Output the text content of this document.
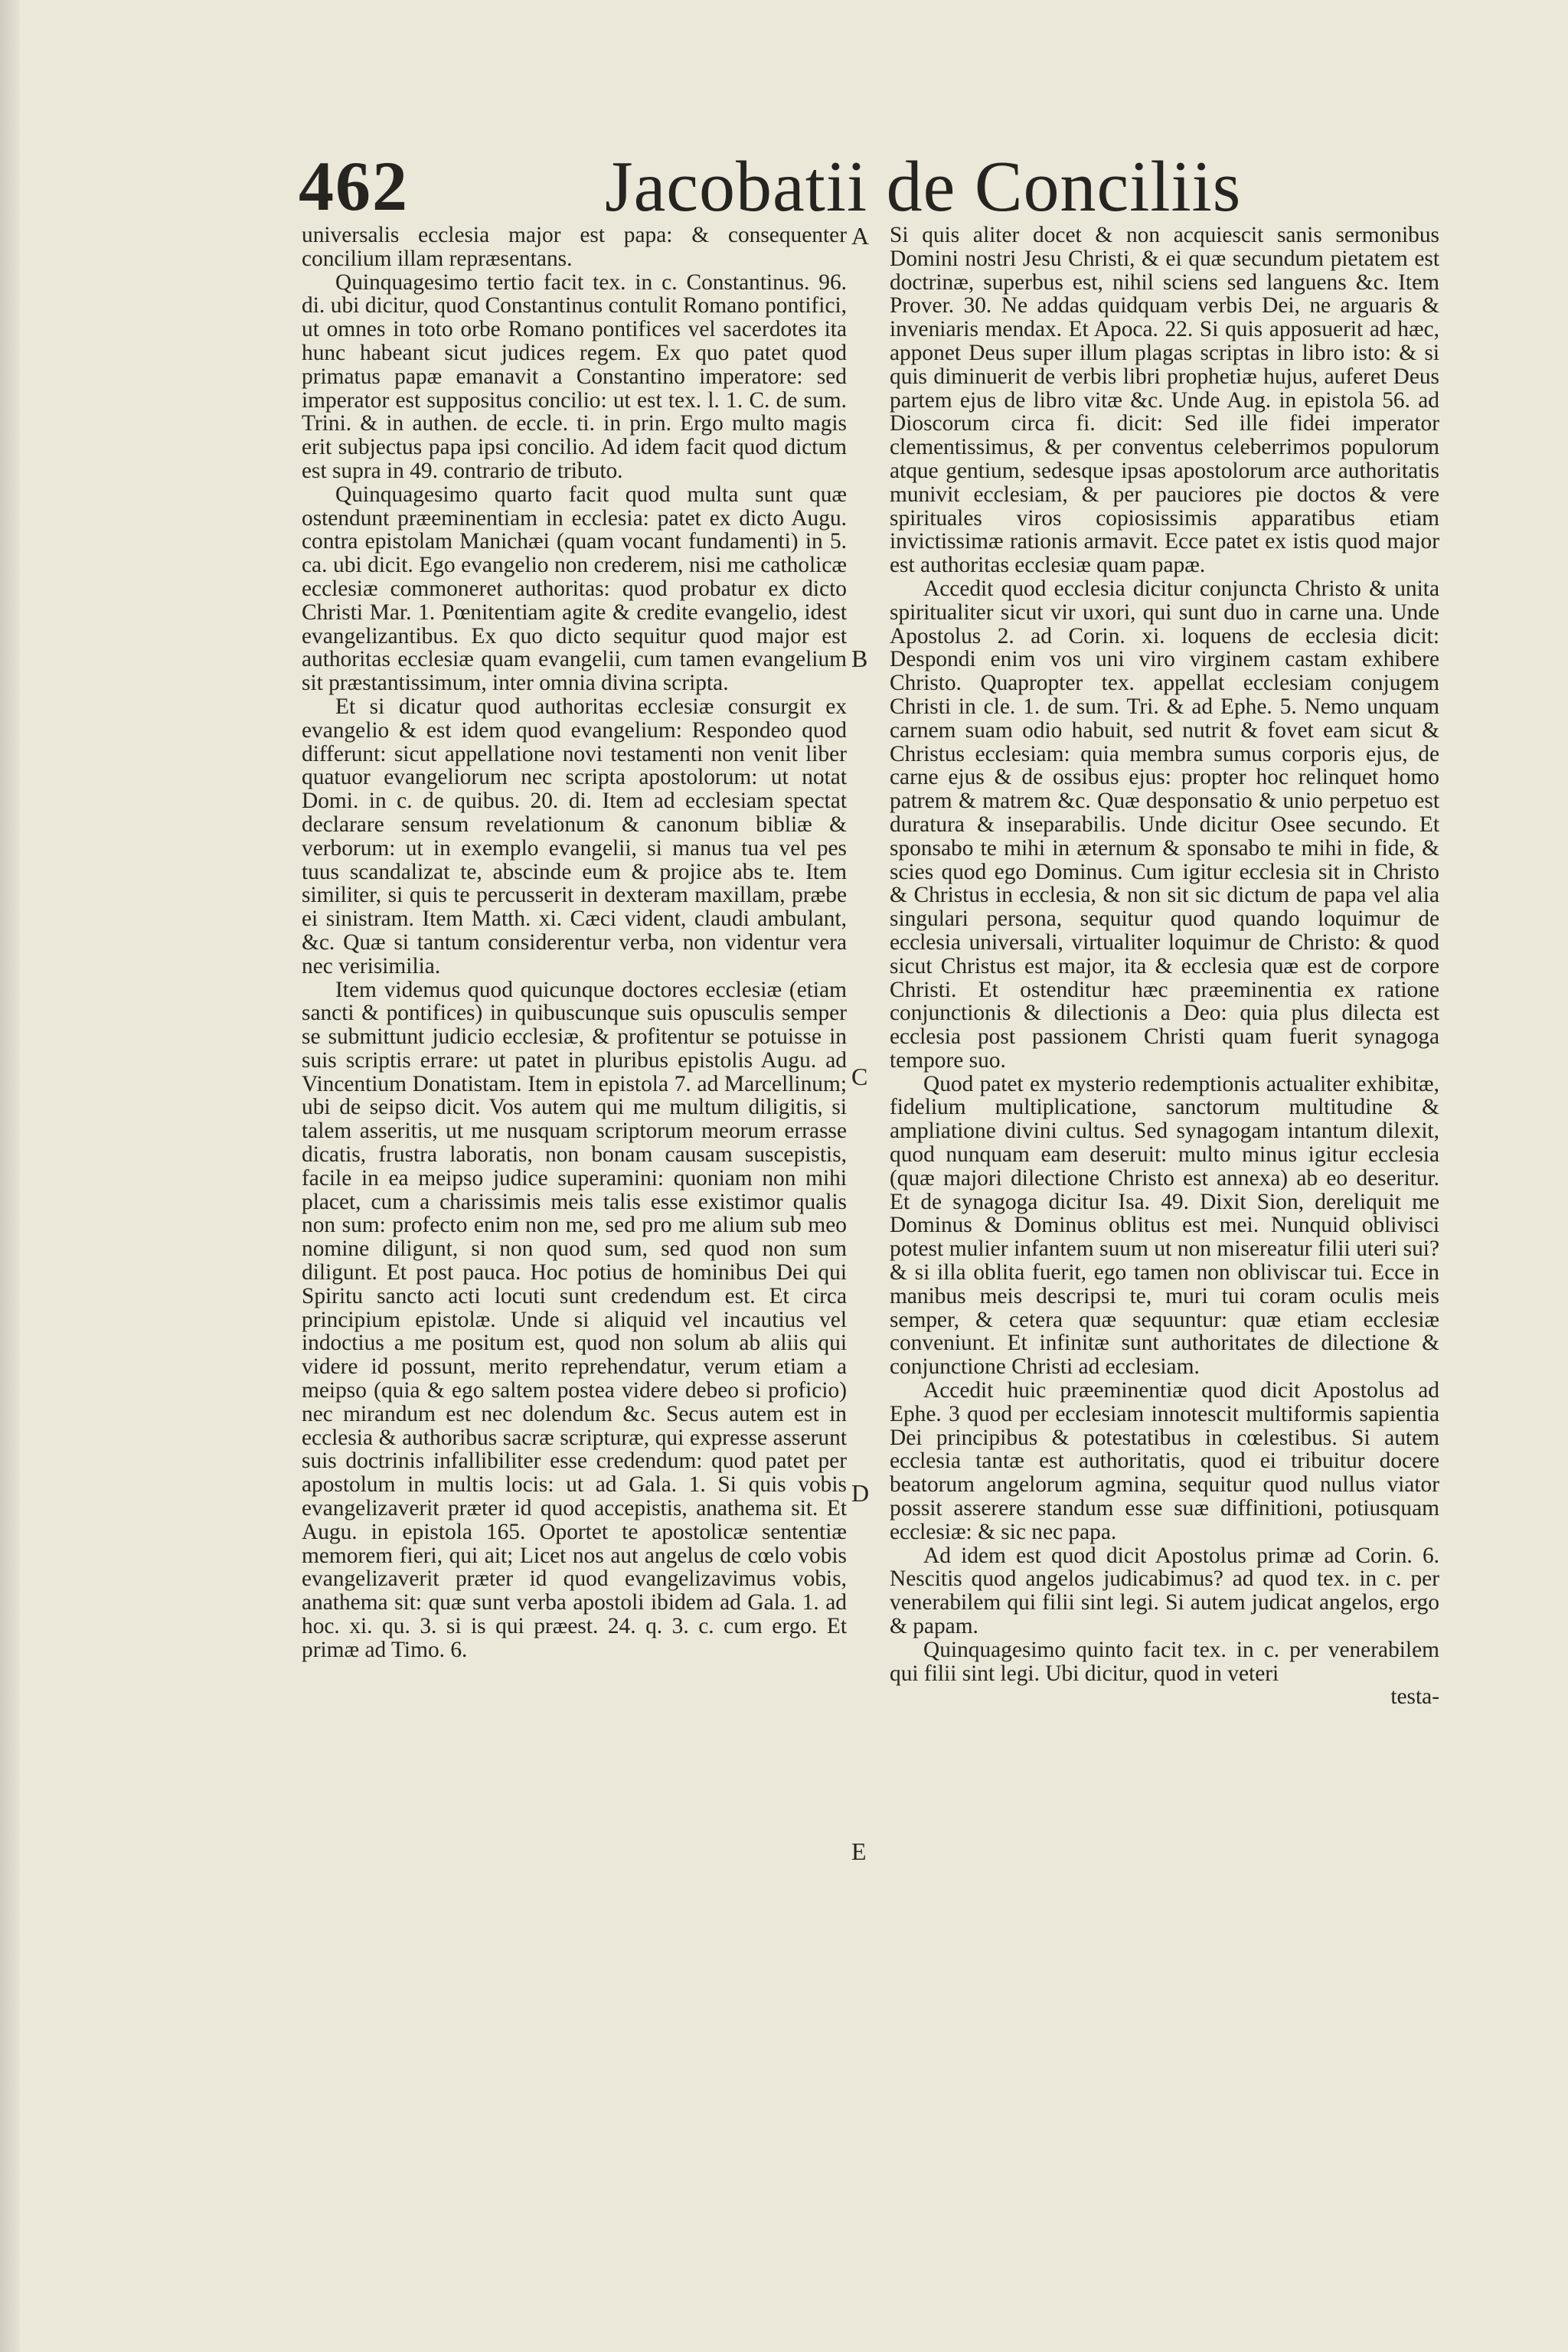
462	Jacobatii de Conciliis

universalis ecclesia major est papa: & consequenter concilium illam repræsentans.

Quinquagesimo tertio facit tex. in c. Constantinus. 96. di. ubi dicitur, quod Constantinus contulit Romano pontifici, ut omnes in toto orbe Romano pontifices vel sacerdotes ita hunc habeant sicut judices regem. Ex quo patet quod primatus papæ emanavit a Constantino imperatore: sed imperator est suppositus concilio: ut est tex. l. 1. C. de sum. Trini. & in authen. de eccle. ti. in prin. Ergo multo magis erit subjectus papa ipsi concilio. Ad idem facit quod dictum est supra in 49. contrario de tributo.

Quinquagesimo quarto facit quod multa sunt quæ ostendunt præeminentiam in ecclesia: patet ex dicto Augu. contra epistolam Manichæi (quam vocant fundamenti) in 5. ca. ubi dicit. Ego evangelio non crederem, nisi me catholicæ ecclesiæ commoneret authoritas: quod probatur ex dicto Christi Mar. 1. Pœnitentiam agite & credite evangelio, idest evangelizantibus. Ex quo dicto sequitur quod major est authoritas ecclesiæ quam evangelii, cum tamen evangelium sit præstantissimum, inter omnia divina scripta.

Et si dicatur quod authoritas ecclesiæ consurgit ex evangelio & est idem quod evangelium: Respondeo quod differunt: sicut appellatione novi testamenti non venit liber quatuor evangeliorum nec scripta apostolorum: ut notat Domi. in c. de quibus. 20. di. Item ad ecclesiam spectat declarare sensum revelationum & canonum bibliæ & verborum: ut in exemplo evangelii, si manus tua vel pes tuus scandalizat te, abscinde eum & projice abs te. Item similiter, si quis te percusserit in dexteram maxillam, præbe ei sinistram. Item Matth. xi. Cæci vident, claudi ambulant, &c. Quæ si tantum considerentur verba, non videntur vera nec verisimilia.

Item videmus quod quicunque doctores ecclesiæ (etiam sancti & pontifices) in quibuscunque suis opusculis semper se submittunt judicio ecclesiæ, & profitentur se potuisse in suis scriptis errare: ut patet in pluribus epistolis Augu. ad Vincentium Donatistam. Item in epistola 7. ad Marcellinum; ubi de seipso dicit. Vos autem qui me multum diligitis, si talem asseritis, ut me nusquam scriptorum meorum errasse dicatis, frustra laboratis, non bonam causam suscepistis, facile in ea meipso judice superamini: quoniam non mihi placet, cum a charissimis meis talis esse existimor qualis non sum: profecto enim non me, sed pro me alium sub meo nomine diligunt, si non quod sum, sed quod non sum diligunt. Et post pauca. Hoc potius de hominibus Dei qui Spiritu sancto acti locuti sunt credendum est. Et circa principium epistolæ. Unde si aliquid vel incautius vel indoctius a me positum est, quod non solum ab aliis qui videre id possunt, merito reprehendatur, verum etiam a meipso (quia & ego saltem postea videre debeo si proficio) nec mirandum est nec dolendum &c. Secus autem est in ecclesia & authoribus sacræ scripturæ, qui expresse asserunt suis doctrinis infallibiliter esse credendum: quod patet per apostolum in multis locis: ut ad Gala. 1. Si quis vobis evangelizaverit præter id quod accepistis, anathema sit. Et Augu. in epistola 165. Oportet te apostolicæ sententiæ memorem fieri, qui ait; Licet nos aut angelus de cœlo vobis evangelizaverit præter id quod evangelizavimus vobis, anathema sit: quæ sunt verba apostoli ibidem ad Gala. 1. ad hoc. xi. qu. 3. si is qui præest. 24. q. 3. c. cum ergo. Et primæ ad Timo. 6.

A
B
C
D
E

Si quis aliter docet & non acquiescit sanis sermonibus Domini nostri Jesu Christi, & ei quæ secundum pietatem est doctrinæ, superbus est, nihil sciens sed languens &c. Item Prover. 30. Ne addas quidquam verbis Dei, ne arguaris & inveniaris mendax. Et Apoca. 22. Si quis apposuerit ad hæc, apponet Deus super illum plagas scriptas in libro isto: & si quis diminuerit de verbis libri prophetiæ hujus, auferet Deus partem ejus de libro vitæ &c. Unde Aug. in epistola 56. ad Dioscorum circa fi. dicit: Sed ille fidei imperator clementissimus, & per conventus celeberrimos populorum atque gentium, sedesque ipsas apostolorum arce authoritatis munivit ecclesiam, & per pauciores pie doctos & vere spirituales viros copiosissimis apparatibus etiam invictissimæ rationis armavit. Ecce patet ex istis quod major est authoritas ecclesiæ quam papæ.

Accedit quod ecclesia dicitur conjuncta Christo & unita spiritualiter sicut vir uxori, qui sunt duo in carne una. Unde Apostolus 2. ad Corin. xi. loquens de ecclesia dicit: Despondi enim vos uni viro virginem castam exhibere Christo. Quapropter tex. appellat ecclesiam conjugem Christi in cle. 1. de sum. Tri. & ad Ephe. 5. Nemo unquam carnem suam odio habuit, sed nutrit & fovet eam sicut & Christus ecclesiam: quia membra sumus corporis ejus, de carne ejus & de ossibus ejus: propter hoc relinquet homo patrem & matrem &c. Quæ desponsatio & unio perpetuo est duratura & inseparabilis. Unde dicitur Osee secundo. Et sponsabo te mihi in æternum & sponsabo te mihi in fide, & scies quod ego Dominus. Cum igitur ecclesia sit in Christo & Christus in ecclesia, & non sit sic dictum de papa vel alia singulari persona, sequitur quod quando loquimur de ecclesia universali, virtualiter loquimur de Christo: & quod sicut Christus est major, ita & ecclesia quæ est de corpore Christi. Et ostenditur hæc præeminentia ex ratione conjunctionis & dilectionis a Deo: quia plus dilecta est ecclesia post passionem Christi quam fuerit synagoga tempore suo.

Quod patet ex mysterio redemptionis actualiter exhibitæ, fidelium multiplicatione, sanctorum multitudine & ampliatione divini cultus. Sed synagogam intantum dilexit, quod nunquam eam deseruit: multo minus igitur ecclesia (quæ majori dilectione Christo est annexa) ab eo deseritur. Et de synagoga dicitur Isa. 49. Dixit Sion, dereliquit me Dominus & Dominus oblitus est mei. Nunquid oblivisci potest mulier infantem suum ut non misereatur filii uteri sui? & si illa oblita fuerit, ego tamen non obliviscar tui. Ecce in manibus meis descripsi te, muri tui coram oculis meis semper, & cetera quæ sequuntur: quæ etiam ecclesiæ conveniunt. Et infinitæ sunt authoritates de dilectione & conjunctione Christi ad ecclesiam.

Accedit huic præeminentiæ quod dicit Apostolus ad Ephe. 3 quod per ecclesiam innotescit multiformis sapientia Dei principibus & potestatibus in cœlestibus. Si autem ecclesia tantæ est authoritatis, quod ei tribuitur docere beatorum angelorum agmina, sequitur quod nullus viator possit asserere standum esse suæ diffinitioni, potiusquam ecclesiæ: & sic nec papa.

Ad idem est quod dicit Apostolus primæ ad Corin. 6. Nescitis quod angelos judicabimus? ad quod tex. in c. per venerabilem qui filii sint legi. Si autem judicat angelos, ergo & papam.

Quinquagesimo quinto facit tex. in c. per venerabilem qui filii sint legi. Ubi dicitur, quod in veteri

testa-
